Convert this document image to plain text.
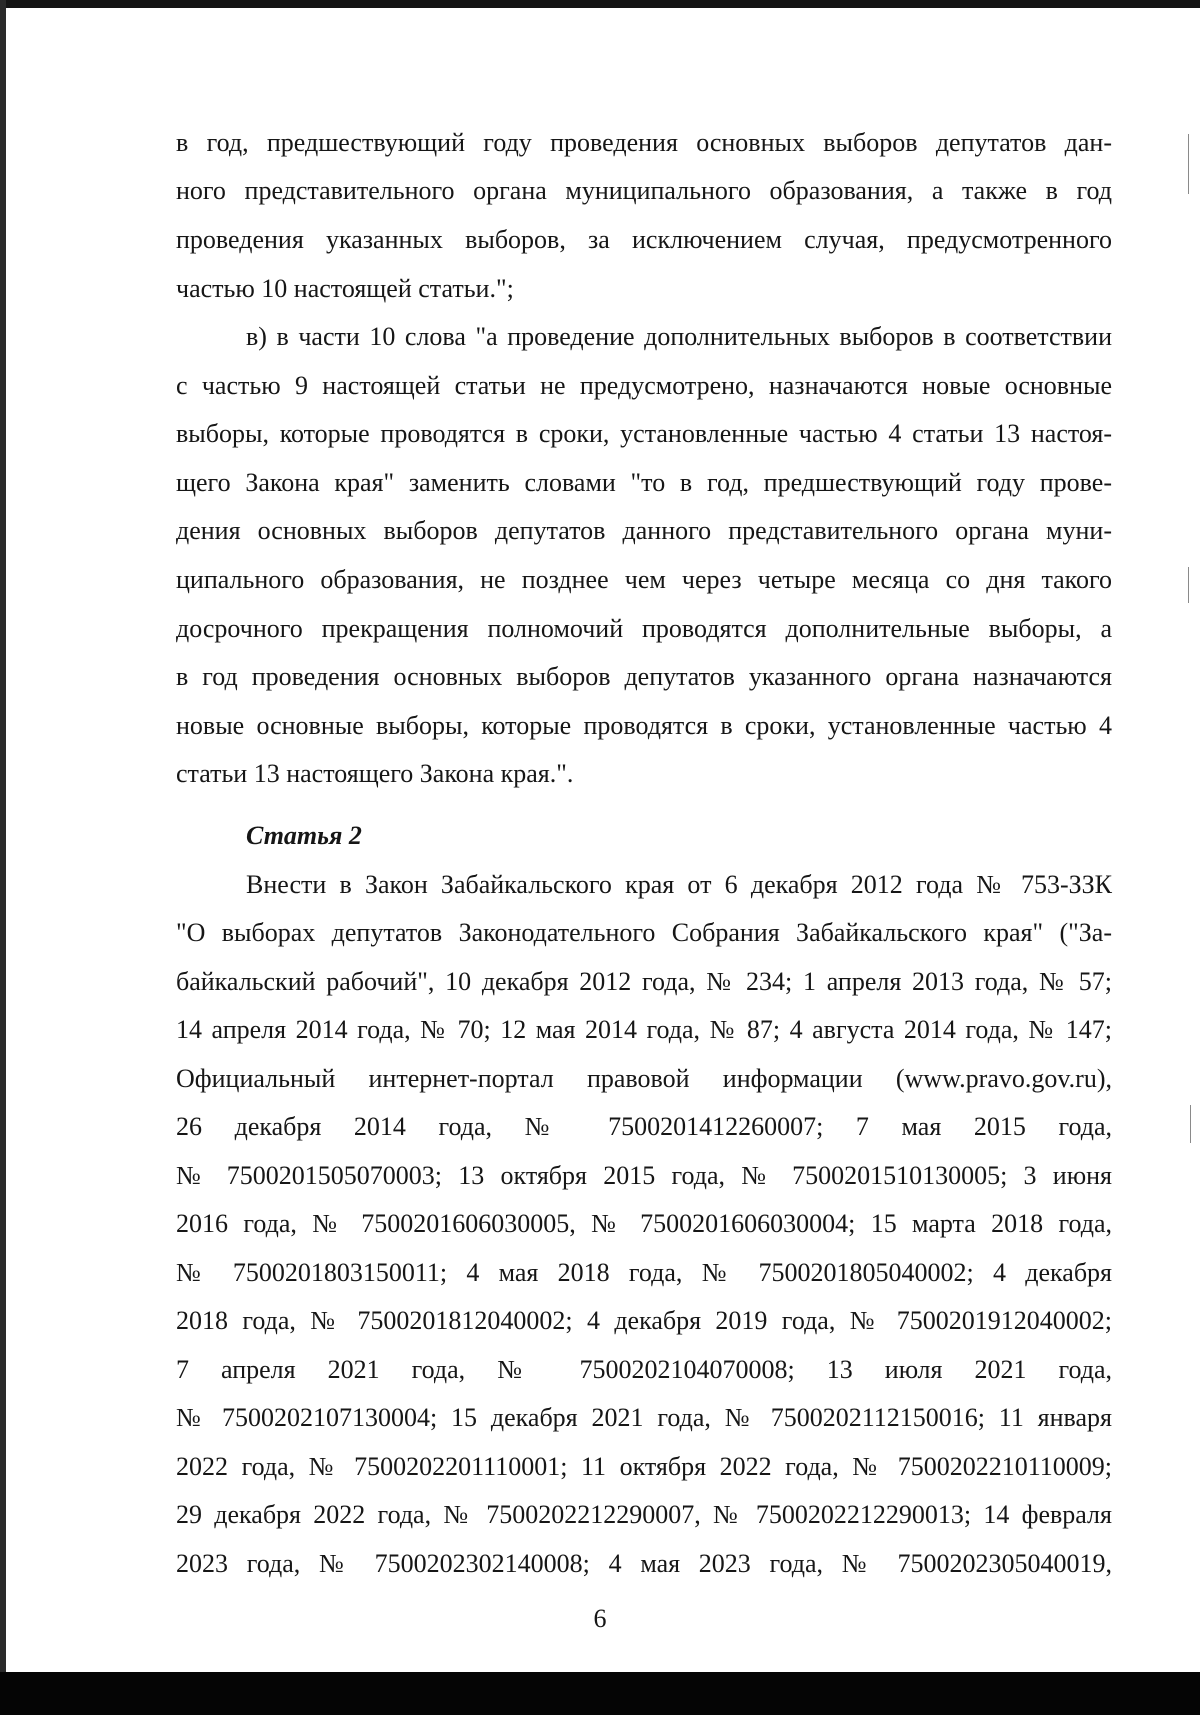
в год, предшествующий году проведения основных выборов депутатов дан-
ного представительного органа муниципального образования, а также в год
проведения указанных выборов, за исключением случая, предусмотренного
частью 10 настоящей статьи.";
в) в части 10 слова "а проведение дополнительных выборов в соответствии
с частью 9 настоящей статьи не предусмотрено, назначаются новые основные
выборы, которые проводятся в сроки, установленные частью 4 статьи 13 настоя-
щего Закона края" заменить словами "то в год, предшествующий году прове-
дения основных выборов депутатов данного представительного органа муни-
ципального образования, не позднее чем через четыре месяца со дня такого
досрочного прекращения полномочий проводятся дополнительные выборы, а
в год проведения основных выборов депутатов указанного органа назначаются
новые основные выборы, которые проводятся в сроки, установленные частью 4
статьи 13 настоящего Закона края.".
Статья 2
Внести в Закон Забайкальского края от 6 декабря 2012 года № 753-ЗЗК
"О выборах депутатов Законодательного Собрания Забайкальского края" ("За-
байкальский рабочий", 10 декабря 2012 года, № 234; 1 апреля 2013 года, № 57;
14 апреля 2014 года, № 70; 12 мая 2014 года, № 87; 4 августа 2014 года, № 147;
Официальный интернет-портал правовой информации (www.pravo.gov.ru),
26 декабря 2014 года, № 7500201412260007; 7 мая 2015 года,
№ 7500201505070003; 13 октября 2015 года, № 7500201510130005; 3 июня
2016 года, № 7500201606030005, № 7500201606030004; 15 марта 2018 года,
№ 7500201803150011; 4 мая 2018 года, № 7500201805040002; 4 декабря
2018 года, № 7500201812040002; 4 декабря 2019 года, № 7500201912040002;
7 апреля 2021 года, № 7500202104070008; 13 июля 2021 года,
№ 7500202107130004; 15 декабря 2021 года, № 7500202112150016; 11 января
2022 года, № 7500202201110001; 11 октября 2022 года, № 7500202210110009;
29 декабря 2022 года, № 7500202212290007, № 7500202212290013; 14 февраля
2023 года, № 7500202302140008; 4 мая 2023 года, № 7500202305040019,
6
